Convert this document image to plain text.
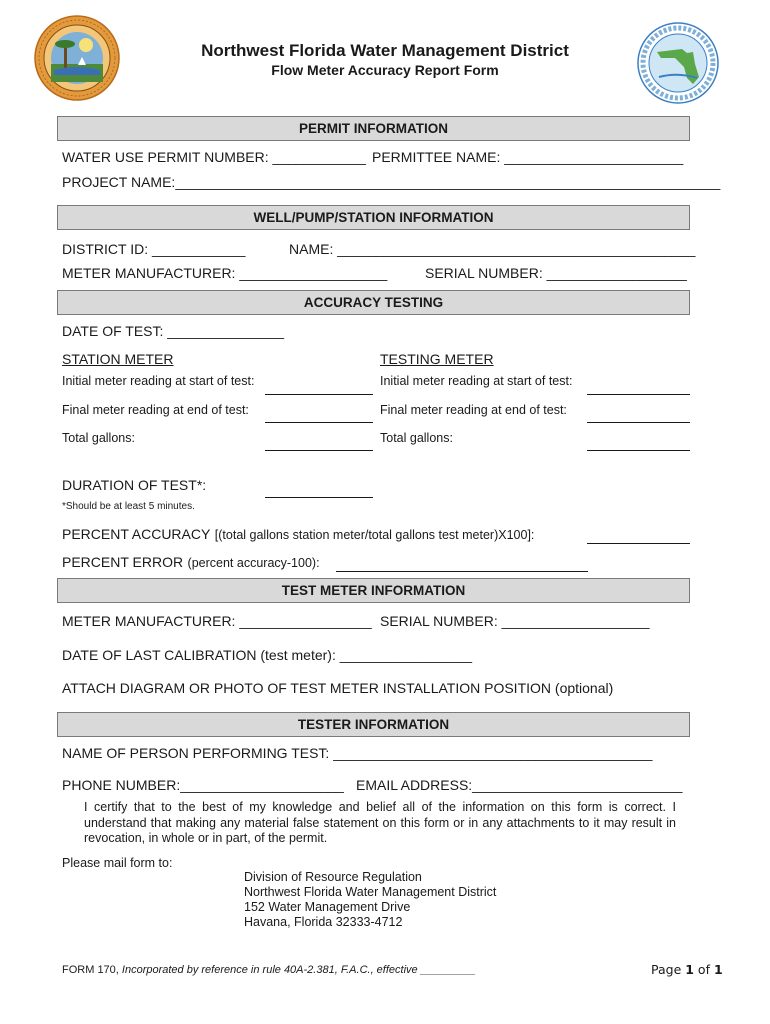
Northwest Florida Water Management District
Flow Meter Accuracy Report Form
PERMIT INFORMATION
WATER USE PERMIT NUMBER: ____________ PERMITTEE NAME: _______________________
PROJECT NAME:______________________________________________________________________
WELL/PUMP/STATION INFORMATION
DISTRICT ID: ____________	NAME: ______________________________________________
METER MANUFACTURER: ___________________	SERIAL NUMBER: __________________
ACCURACY TESTING
DATE OF TEST: _______________
STATION METER	TESTING METER
Initial meter reading at start of test:	Initial meter reading at start of test:
Final meter reading at end of test:	Final meter reading at end of test:
Total gallons:	Total gallons:
DURATION OF TEST*:
*Should be at least 5 minutes.
PERCENT ACCURACY [(total gallons station meter/total gallons test meter)X100]:
PERCENT ERROR (percent accuracy-100):
TEST METER INFORMATION
METER MANUFACTURER: _________________ SERIAL NUMBER: ___________________
DATE OF LAST CALIBRATION (test meter): _________________
ATTACH DIAGRAM OR PHOTO OF TEST METER INSTALLATION POSITION (optional)
TESTER INFORMATION
NAME OF PERSON PERFORMING TEST: _________________________________________
PHONE NUMBER:_____________________ EMAIL ADDRESS:___________________________
I certify that to the best of my knowledge and belief all of the information on this form is correct. I understand that making any material false statement on this form or in any attachments to it may result in revocation, in whole or in part, of the permit.
Please mail form to:
Division of Resource Regulation
Northwest Florida Water Management District
152 Water Management Drive
Havana, Florida 32333-4712
FORM 170, Incorporated by reference in rule 40A-2.381, F.A.C., effective _________	Page 1 of 1
